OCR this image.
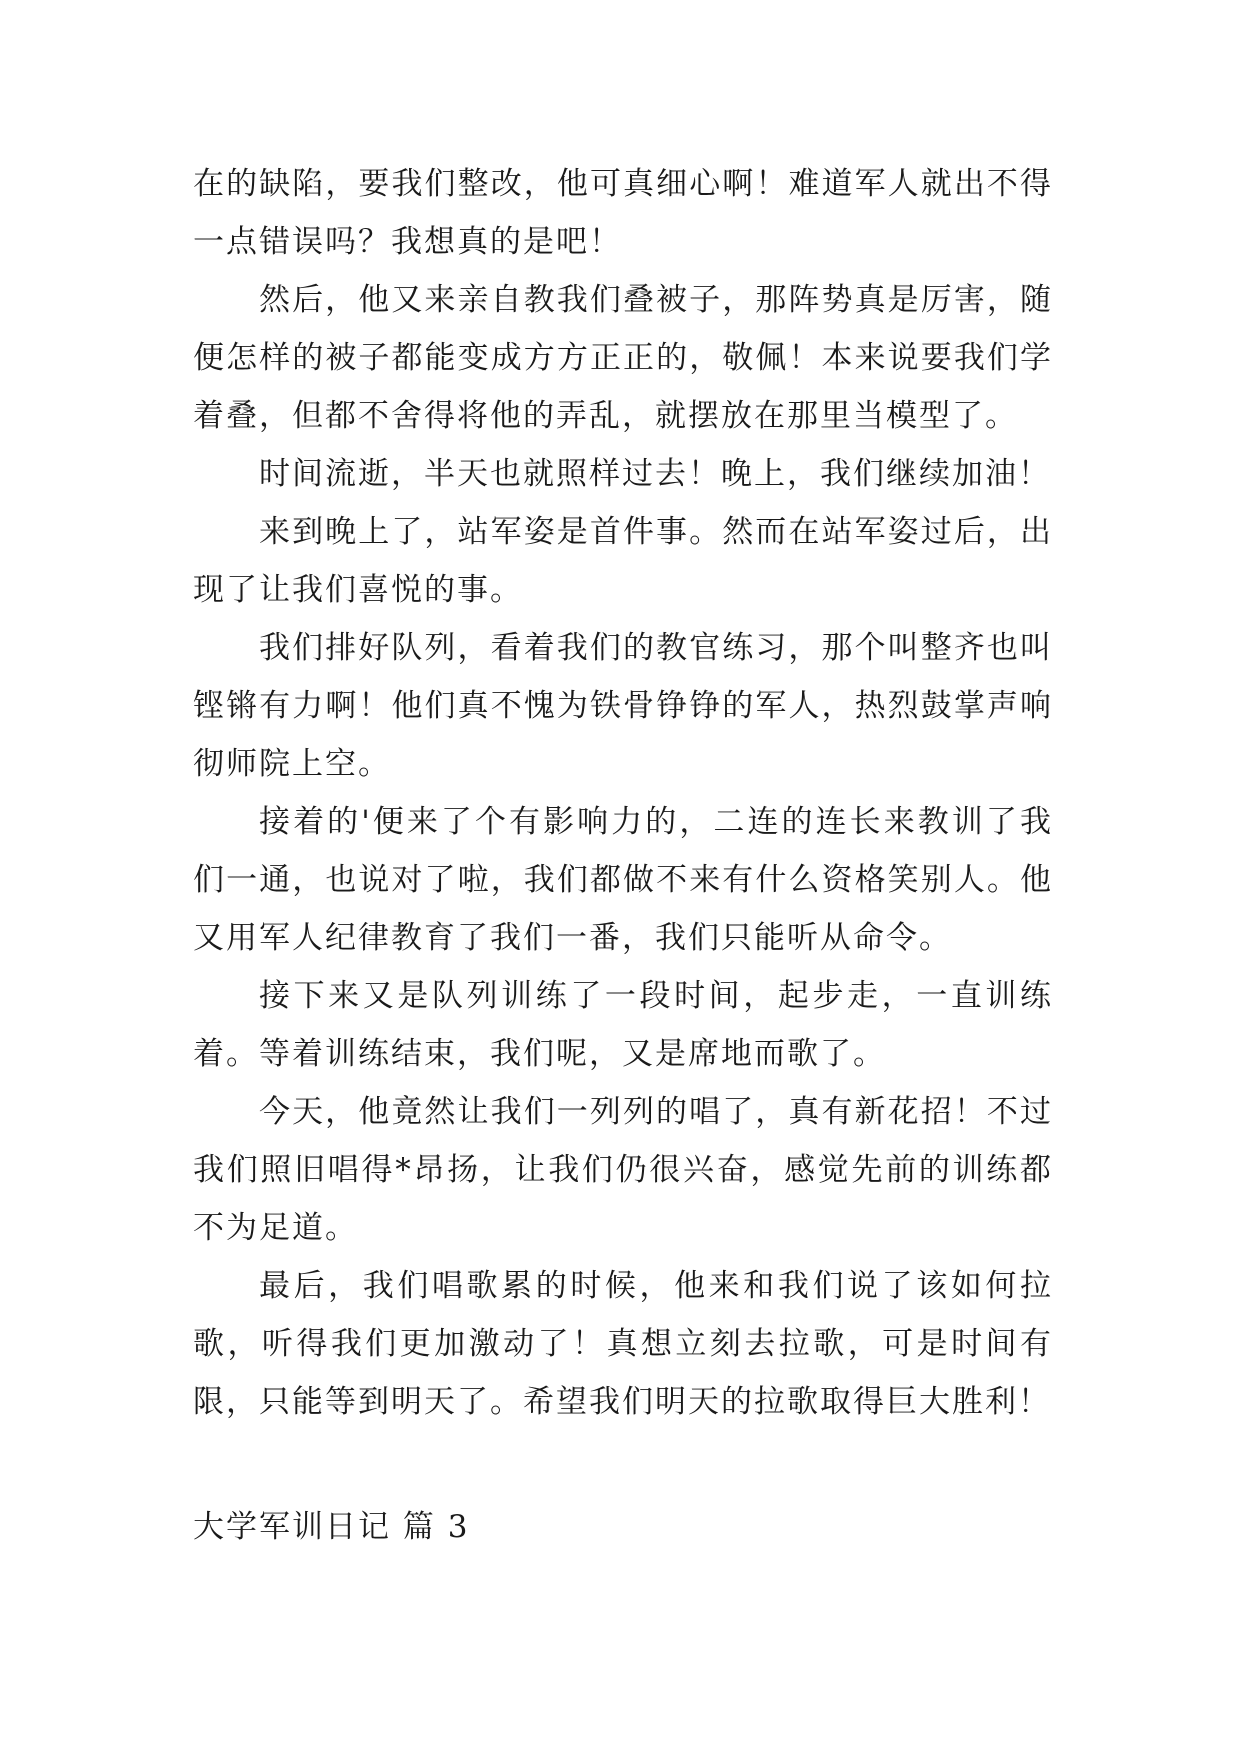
在的缺陷，要我们整改，他可真细心啊！难道军人就出不得一点错误吗？我想真的是吧！

然后，他又来亲自教我们叠被子，那阵势真是厉害，随便怎样的被子都能变成方方正正的，敬佩！本来说要我们学着叠，但都不舍得将他的弄乱，就摆放在那里当模型了。

时间流逝，半天也就照样过去！晚上，我们继续加油！

来到晚上了，站军姿是首件事。然而在站军姿过后，出现了让我们喜悦的事。

我们排好队列，看着我们的教官练习，那个叫整齐也叫铿锵有力啊！他们真不愧为铁骨铮铮的军人，热烈鼓掌声响彻师院上空。

接着的'便来了个有影响力的，二连的连长来教训了我们一通，也说对了啦，我们都做不来有什么资格笑别人。他又用军人纪律教育了我们一番，我们只能听从命令。

接下来又是队列训练了一段时间，起步走，一直训练着。等着训练结束，我们呢，又是席地而歌了。

今天，他竟然让我们一列列的唱了，真有新花招！不过我们照旧唱得*昂扬，让我们仍很兴奋，感觉先前的训练都不为足道。

最后，我们唱歌累的时候，他来和我们说了该如何拉歌，听得我们更加激动了！真想立刻去拉歌，可是时间有限，只能等到明天了。希望我们明天的拉歌取得巨大胜利！

大学军训日记 篇 3
